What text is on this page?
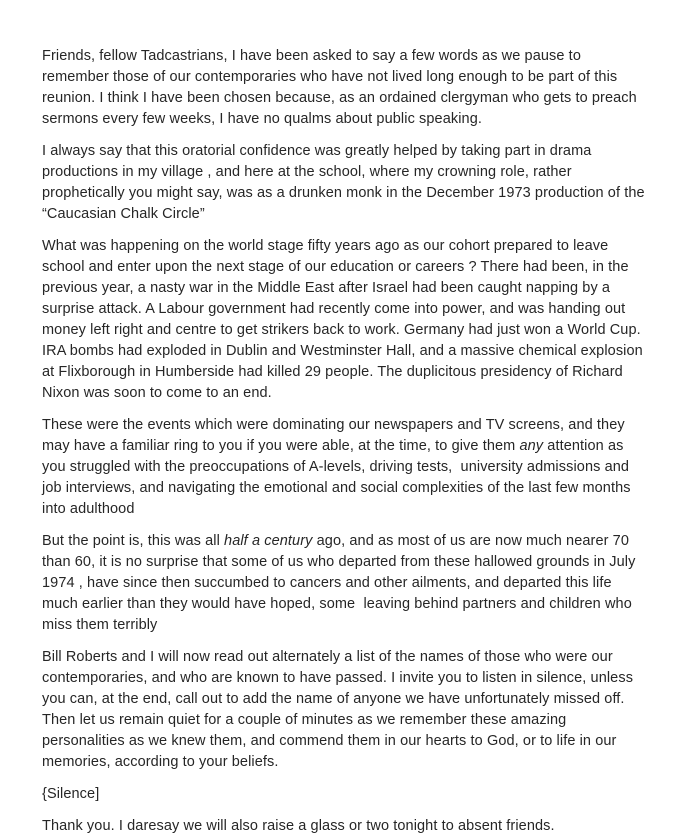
Friends, fellow Tadcastrians, I have been asked to say a few words as we pause to remember those of our contemporaries who have not lived long enough to be part of this reunion. I think I have been chosen because, as an ordained clergyman who gets to preach sermons every few weeks, I have no qualms about public speaking.

I always say that this oratorial confidence was greatly helped by taking part in drama productions in my village , and here at the school, where my crowning role, rather prophetically you might say, was as a drunken monk in the December 1973 production of the “Caucasian Chalk Circle”

What was happening on the world stage fifty years ago as our cohort prepared to leave school and enter upon the next stage of our education or careers ? There had been, in the previous year, a nasty war in the Middle East after Israel had been caught napping by a surprise attack. A Labour government had recently come into power, and was handing out money left right and centre to get strikers back to work. Germany had just won a World Cup.  IRA bombs had exploded in Dublin and Westminster Hall, and a massive chemical explosion at Flixborough in Humberside had killed 29 people. The duplicitous presidency of Richard Nixon was soon to come to an end.

These were the events which were dominating our newspapers and TV screens, and they may have a familiar ring to you if you were able, at the time, to give them any attention as you struggled with the preoccupations of A-levels, driving tests,  university admissions and job interviews, and navigating the emotional and social complexities of the last few months into adulthood

But the point is, this was all half a century ago, and as most of us are now much nearer 70 than 60, it is no surprise that some of us who departed from these hallowed grounds in July 1974 , have since then succumbed to cancers and other ailments, and departed this life much earlier than they would have hoped, some  leaving behind partners and children who miss them terribly

Bill Roberts and I will now read out alternately a list of the names of those who were our contemporaries, and who are known to have passed. I invite you to listen in silence, unless you can, at the end, call out to add the name of anyone we have unfortunately missed off. Then let us remain quiet for a couple of minutes as we remember these amazing personalities as we knew them, and commend them in our hearts to God, or to life in our memories, according to your beliefs.

{Silence]

Thank you. I daresay we will also raise a glass or two tonight to absent friends.
